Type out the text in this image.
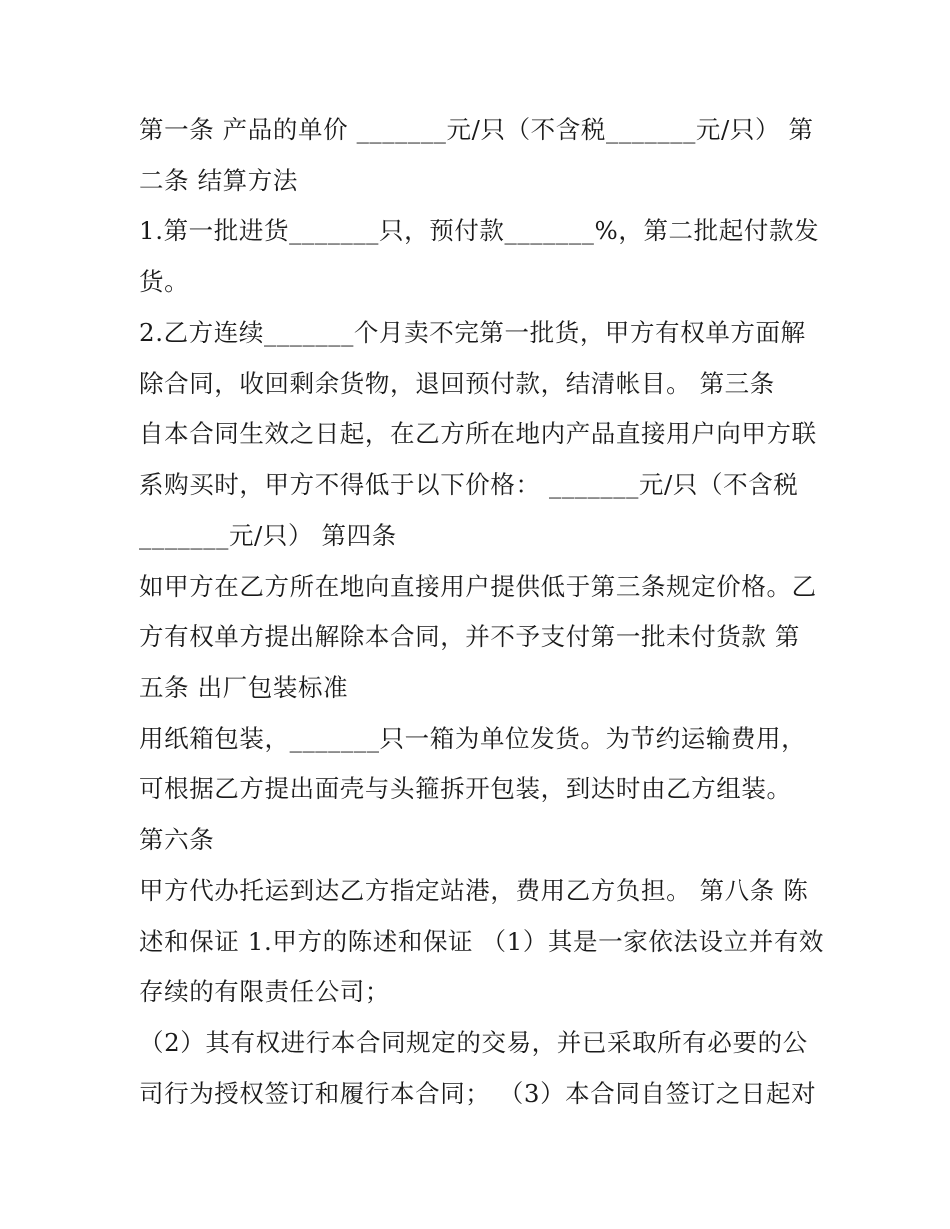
第一条 产品的单价 _______元/只（不含税_______元/只） 第
二条 结算方法
1.第一批进货_______只，预付款_______%，第二批起付款发
货。
2.乙方连续_______个月卖不完第一批货，甲方有权单方面解
除合同，收回剩余货物，退回预付款，结清帐目。 第三条
自本合同生效之日起，在乙方所在地内产品直接用户向甲方联
系购买时，甲方不得低于以下价格： _______元/只（不含税
_______元/只） 第四条
如甲方在乙方所在地向直接用户提供低于第三条规定价格。乙
方有权单方提出解除本合同，并不予支付第一批未付货款 第
五条 出厂包装标准
用纸箱包装，_______只一箱为单位发货。为节约运输费用，
可根据乙方提出面壳与头箍拆开包装，到达时由乙方组装。
第六条
甲方代办托运到达乙方指定站港，费用乙方负担。 第八条 陈
述和保证 1.甲方的陈述和保证 （1）其是一家依法设立并有效
存续的有限责任公司；
（2）其有权进行本合同规定的交易，并已采取所有必要的公
司行为授权签订和履行本合同； （3）本合同自签订之日起对
